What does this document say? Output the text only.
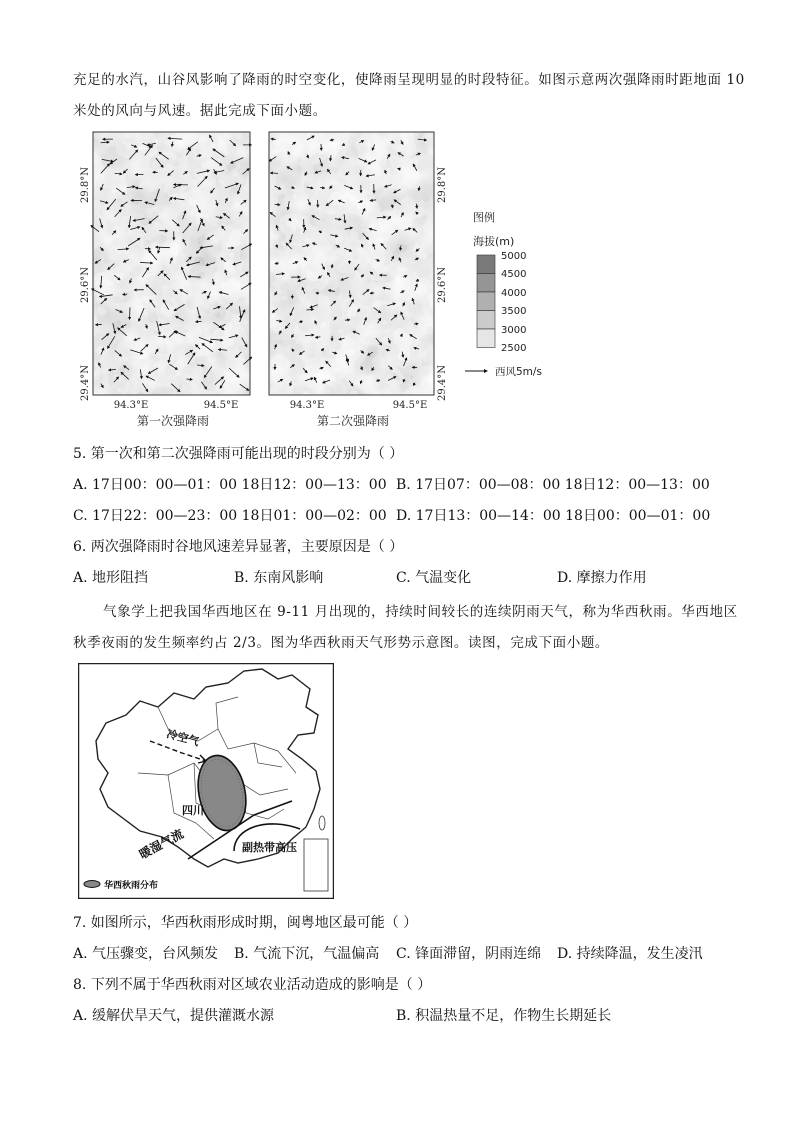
充足的水汽，山谷风影响了降雨的时空变化，使降雨呈现明显的时段特征。如图示意两次强降雨时距地面 10
米处的风向与风速。据此完成下面小题。
29.8°N
29.6°N
29.4°N
29.8°N
29.6°N
29.4°N
94.3°E	94.5°E	94.3°E	94.5°E
第一次强降雨	第二次强降雨
图例
海拔(m)
5000
4500
4000
3500
3000
2500
西风5m/s
5. 第一次和第二次强降雨可能出现的时段分别为（ ）
A. 17日00：00—01：00 18日12：00—13：00 B. 17日07：00—08：00 18日12：00—13：00
C. 17日22：00—23：00 18日01：00—02：00 D. 17日13：00—14：00 18日00：00—01：00
6. 两次强降雨时谷地风速差异显著，主要原因是（ ）
A. 地形阻挡	B. 东南风影响	C. 气温变化	D. 摩擦力作用
气象学上把我国华西地区在 9-11 月出现的，持续时间较长的连续阴雨天气，称为华西秋雨。华西地区
秋季夜雨的发生频率约占 2/3。图为华西秋雨天气形势示意图。读图，完成下面小题。
冷空气
四川
暖湿气流	副热带高压
华西秋雨分布
7. 如图所示，华西秋雨形成时期，闽粤地区最可能（ ）
A. 气压骤变，台风频发 B. 气流下沉，气温偏高 C. 锋面滞留，阴雨连绵 D. 持续降温，发生凌汛
8. 下列不属于华西秋雨对区域农业活动造成的影响是（ ）
A. 缓解伏旱天气，提供灌溉水源	B. 积温热量不足，作物生长期延长
